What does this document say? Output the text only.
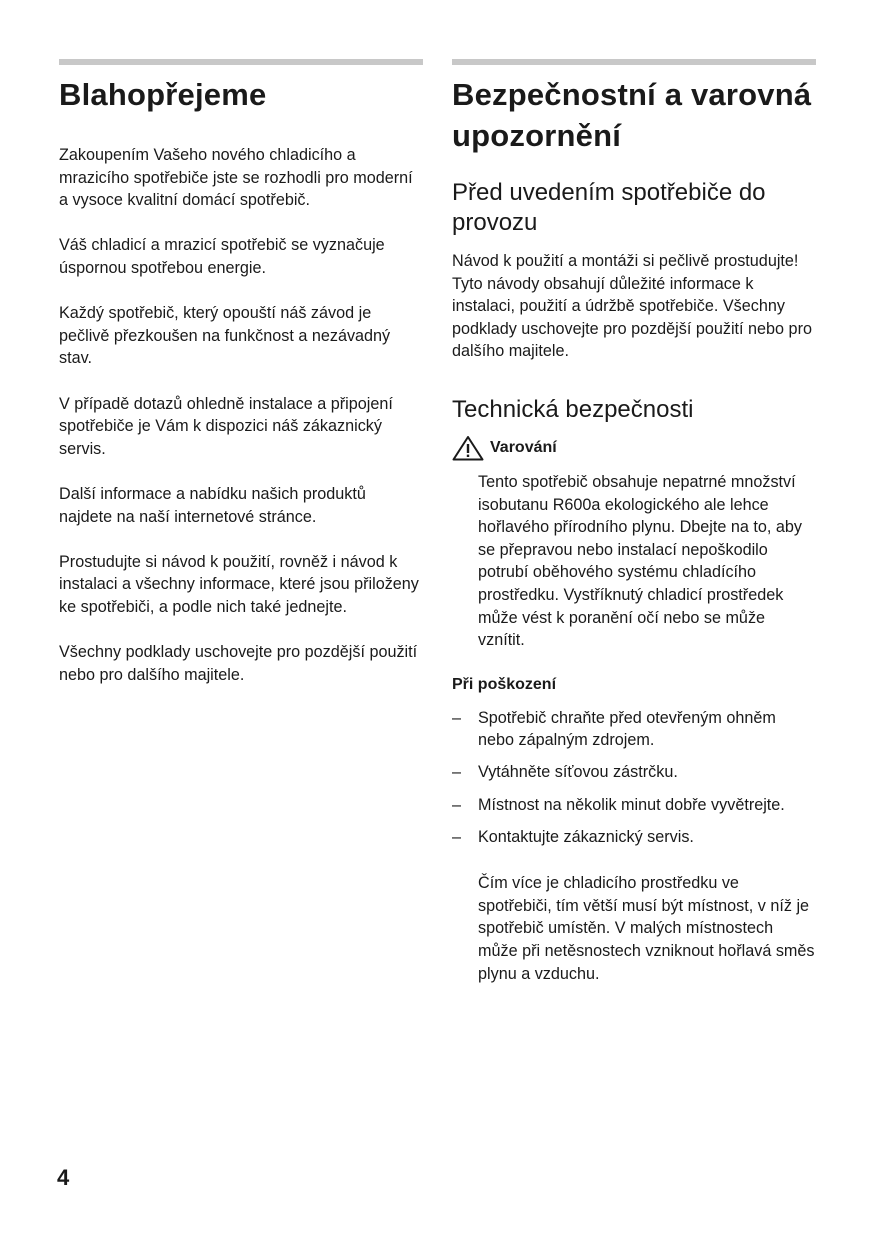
Blahopřejeme

Zakoupením Vašeho nového chladicího a mrazicího spotřebiče jste se rozhodli pro moderní a vysoce kvalitní domácí spotřebič.

Váš chladicí a mrazicí spotřebič se vyznačuje úspornou spotřebou energie.

Každý spotřebič, který opouští náš závod je pečlivě přezkoušen na funkčnost a nezávadný stav.

V případě dotazů ohledně instalace a připojení spotřebiče je Vám k dispozici náš zákaznický servis.

Další informace a nabídku našich produktů najdete na naší internetové stránce.

Prostudujte si návod k použití, rovněž i návod k instalaci a všechny informace, které jsou přiloženy ke spotřebiči, a podle nich také jednejte.

Všechny podklady uschovejte pro pozdější použití nebo pro dalšího majitele.

Bezpečnostní a varovná upozornění
Před uvedením spotřebiče do provozu

Návod k použití a montáži si pečlivě prostudujte! Tyto návody obsahují důležité informace k instalaci, použití a údržbě spotřebiče. Všechny podklady uschovejte pro pozdější použití nebo pro dalšího majitele.

Technická bezpečnosti
Varování

Tento spotřebič obsahuje nepatrné množství isobutanu R600a ekologického ale lehce hořlavého přírodního plynu. Dbejte na to, aby se přepravou nebo instalací nepoškodilo potrubí oběhového systému chladícího prostředku. Vystříknutý chladicí prostředek může vést k poranění očí nebo se může vznítit.

Při poškození
– Spotřebič chraňte před otevřeným ohněm nebo zápalným zdrojem.
– Vytáhněte síťovou zástrčku.
– Místnost na několik minut dobře vyvětrejte.
– Kontaktujte zákaznický servis.

Čím více je chladicího prostředku ve spotřebiči, tím větší musí být místnost, v níž je spotřebič umístěn. V malých místnostech může při netěsnostech vzniknout hořlavá směs plynu a vzduchu.

4
